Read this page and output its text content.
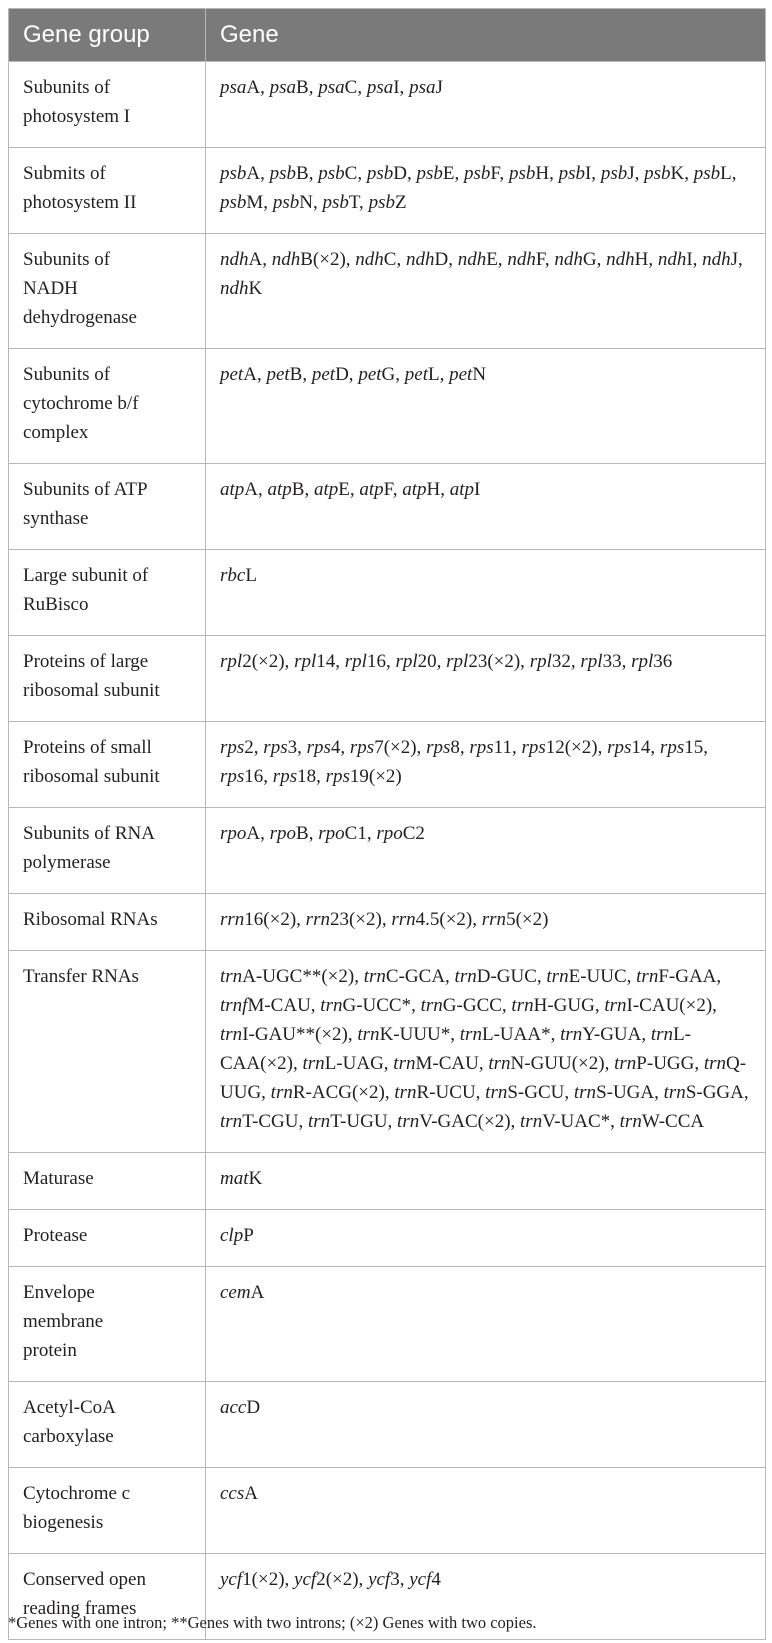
Gene group	Gene

Subunits of photosystem I	psaA, psaB, psaC, psaI, psaJ

Submits of photosystem II	psbA, psbB, psbC, psbD, psbE, psbF, psbH, psbI, psbJ, psbK, psbL, psbM, psbN, psbT, psbZ

Subunits of NADH dehydrogenase	ndhA, ndhB(×2), ndhC, ndhD, ndhE, ndhF, ndhG, ndhH, ndhI, ndhJ, ndhK

Subunits of cytochrome b/f complex	petA, petB, petD, petG, petL, petN

Subunits of ATP synthase	atpA, atpB, atpE, atpF, atpH, atpI

Large subunit of RuBisco	rbcL

Proteins of large ribosomal subunit	rpl2(×2), rpl14, rpl16, rpl20, rpl23(×2), rpl32, rpl33, rpl36

Proteins of small ribosomal subunit	rps2, rps3, rps4, rps7(×2), rps8, rps11, rps12(×2), rps14, rps15, rps16, rps18, rps19(×2)

Subunits of RNA polymerase	rpoA, rpoB, rpoC1, rpoC2

Ribosomal RNAs	rrn16(×2), rrn23(×2), rrn4.5(×2), rrn5(×2)

Transfer RNAs	trnA-UGC**(×2), trnC-GCA, trnD-GUC, trnE-UUC, trnF-GAA, trnfM-CAU, trnG-UCC*, trnG-GCC, trnH-GUG, trnI-CAU(×2), trnI-GAU**(×2), trnK-UUU*, trnL-UAA*, trnY-GUA, trnL-CAA(×2), trnL-UAG, trnM-CAU, trnN-GUU(×2), trnP-UGG, trnQ-UUG, trnR-ACG(×2), trnR-UCU, trnS-GCU, trnS-UGA, trnS-GGA, trnT-CGU, trnT-UGU, trnV-GAC(×2), trnV-UAC*, trnW-CCA

Maturase	matK

Protease	clpP

Envelope membrane protein	cemA

Acetyl-CoA carboxylase	accD

Cytochrome c biogenesis	ccsA

Conserved open reading frames	ycf1(×2), ycf2(×2), ycf3, ycf4
*Genes with one intron; **Genes with two introns; (×2) Genes with two copies.
